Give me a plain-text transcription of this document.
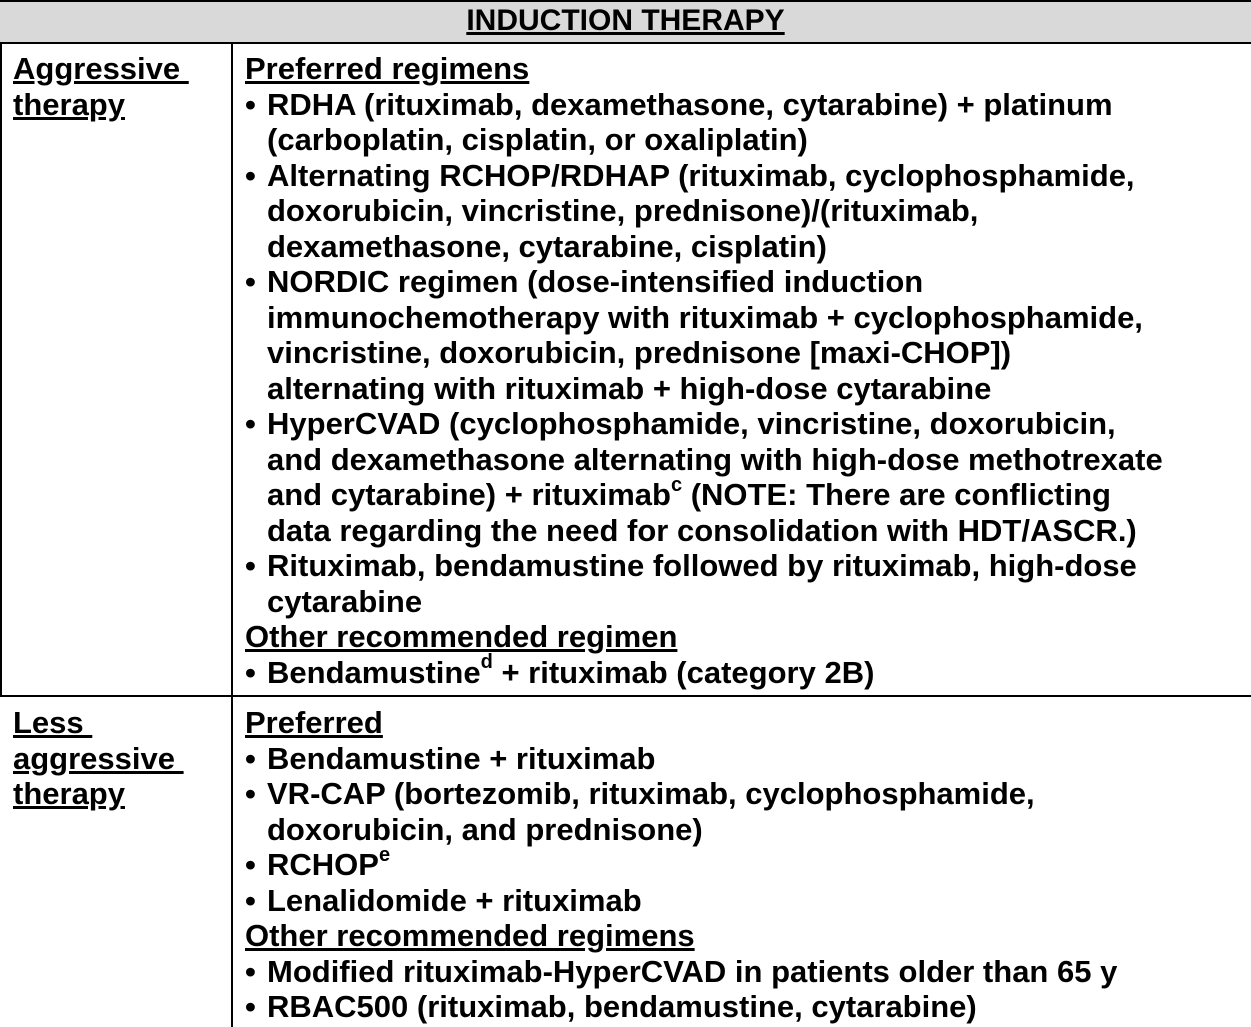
INDUCTION THERAPY
Aggressive
therapy
Preferred regimens
• RDHA (rituximab, dexamethasone, cytarabine) + platinum
(carboplatin, cisplatin, or oxaliplatin)
• Alternating RCHOP/RDHAP (rituximab, cyclophosphamide,
doxorubicin, vincristine, prednisone)/(rituximab,
dexamethasone, cytarabine, cisplatin)
• NORDIC regimen (dose-intensified induction
immunochemotherapy with rituximab + cyclophosphamide,
vincristine, doxorubicin, prednisone [maxi-CHOP])
alternating with rituximab + high-dose cytarabine
• HyperCVAD (cyclophosphamide, vincristine, doxorubicin,
and dexamethasone alternating with high-dose methotrexate
and cytarabine) + rituximab$^c$ (NOTE: There are conflicting
data regarding the need for consolidation with HDT/ASCR.)
• Rituximab, bendamustine followed by rituximab, high-dose
cytarabine
Other recommended regimen
• Bendamustine$^d$ + rituximab (category 2B)
Less
aggressive
therapy
Preferred
• Bendamustine + rituximab
• VR-CAP (bortezomib, rituximab, cyclophosphamide,
doxorubicin, and prednisone)
• RCHOP$^e$
• Lenalidomide + rituximab
Other recommended regimens
• Modified rituximab-HyperCVAD in patients older than 65 y
• RBAC500 (rituximab, bendamustine, cytarabine)
